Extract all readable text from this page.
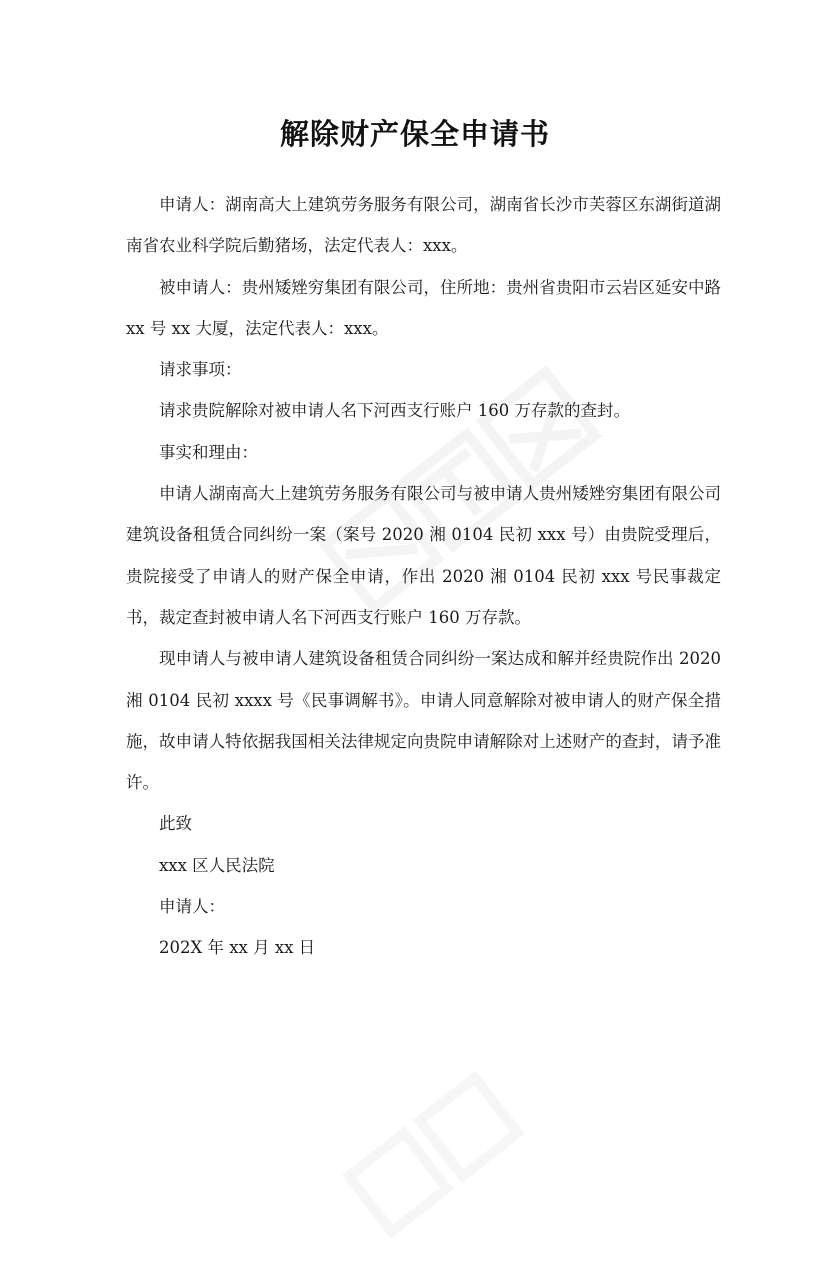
解除财产保全申请书

申请人：湖南高大上建筑劳务服务有限公司，湖南省长沙市芙蓉区东湖街道湖南省农业科学院后勤猪场，法定代表人：xxx。

被申请人：贵州矮矬穷集团有限公司，住所地：贵州省贵阳市云岩区延安中路 xx 号 xx 大厦，法定代表人：xxx。

请求事项：

请求贵院解除对被申请人名下河西支行账户 160 万存款的查封。

事实和理由：

申请人湖南高大上建筑劳务服务有限公司与被申请人贵州矮矬穷集团有限公司建筑设备租赁合同纠纷一案（案号 2020 湘 0104 民初 xxx 号）由贵院受理后，贵院接受了申请人的财产保全申请，作出 2020 湘 0104 民初 xxx 号民事裁定书，裁定查封被申请人名下河西支行账户 160 万存款。

现申请人与被申请人建筑设备租赁合同纠纷一案达成和解并经贵院作出 2020 湘 0104 民初 xxxx 号《民事调解书》。申请人同意解除对被申请人的财产保全措施，故申请人特依据我国相关法律规定向贵院申请解除对上述财产的查封，请予准许。

此致

xxx 区人民法院

申请人：

202X 年 xx 月 xx 日
